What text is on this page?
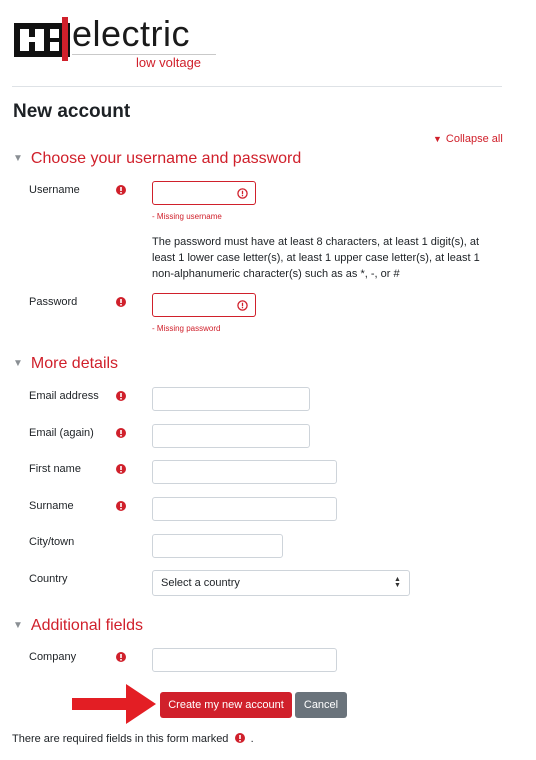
electric
low voltage
New account
▼ Collapse all
▼ Choose your username and password
Username
- Missing username
The password must have at least 8 characters, at least 1 digit(s), at least 1 lower case letter(s), at least 1 upper case letter(s), at least 1 non-alphanumeric character(s) such as as *, -, or #
Password
- Missing password
▼ More details
Email address
Email (again)
First name
Surname
City/town
Country	Select a country	▲
▼
▼ Additional fields
Company
Create my new account	Cancel
There are required fields in this form marked .
